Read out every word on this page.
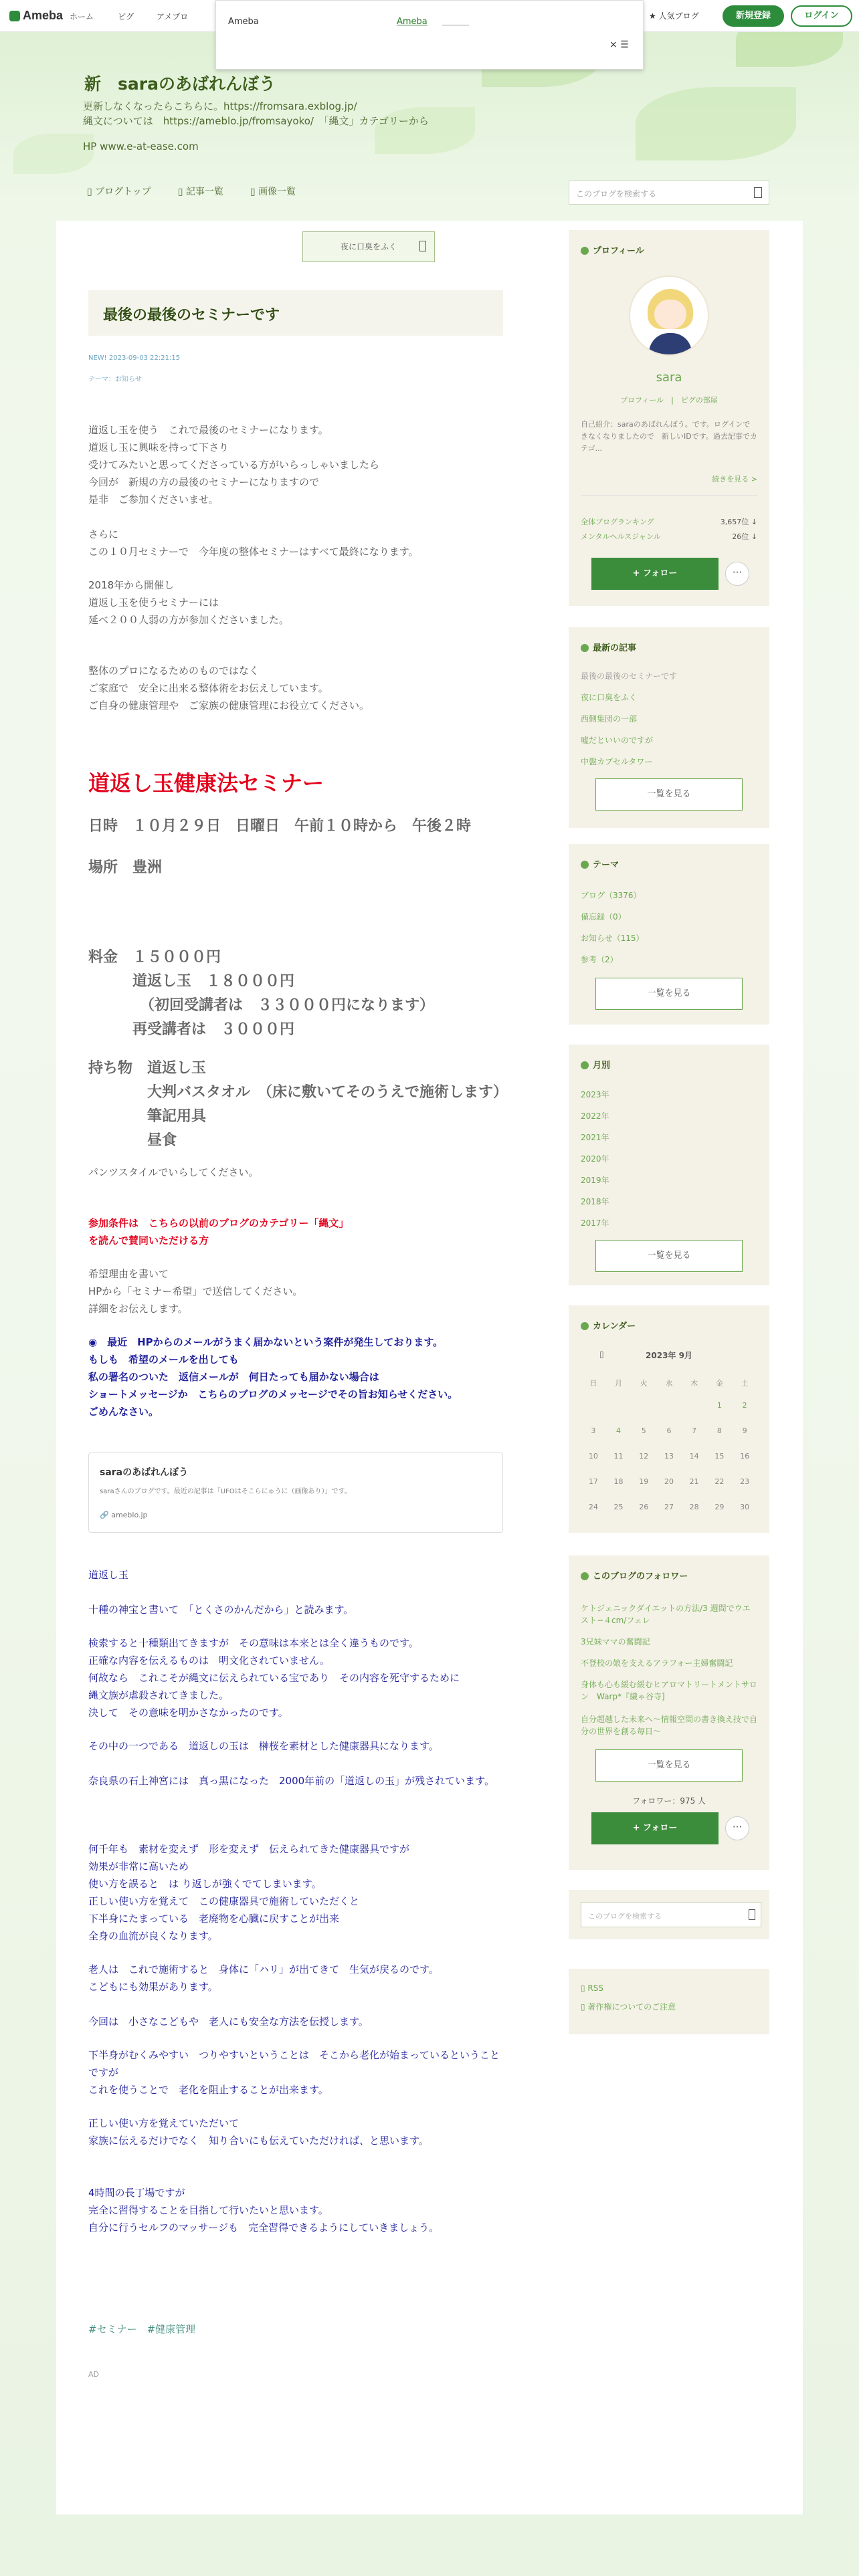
Ameba ホーム	ピグ	アメブロ	★ 人気ブログ	新規登録	ログイン
Ameba	Ameba
× ☰
新　saraのあばれんぼう
更新しなくなったらこちらに。https://fromsara.exblog.jp/
縄文については　https://ameblo.jp/fromsayoko/　「縄文」カテゴリーから
HP www.e-at-ease.com
▯ ブログトップ	▯ 記事一覧	▯ 画像一覧	このブログを検索する
夜に口臭をふく
最後の最後のセミナーです
NEW! 2023-09-03 22:21:15
テーマ：お知らせ
道返し玉を使う　これで最後のセミナーになります。
道返し玉に興味を持って下さり
受けてみたいと思ってくださっている方がいらっしゃいましたら
今回が　新規の方の最後のセミナーになりますので
是非　ご参加くださいませ。
さらに
この１０月セミナーで　今年度の整体セミナーはすべて最終になります。
2018年から開催し
道返し玉を使うセミナーには
延べ２００人弱の方が参加くださいました。
整体のプロになるためのものではなく
ご家庭で　安全に出来る整体術をお伝えしています。
ご自身の健康管理や　ご家族の健康管理にお役立てください。
道返し玉健康法セミナー
日時　１０月２９日　日曜日　午前１０時から　午後２時
場所　豊洲

料金　１５０００円
　　　道返し玉　１８０００円
　　　　（初回受講者は　３３０００円になります）
　　　再受講者は　３０００円

持ち物　道返し玉
　　　　大判バスタオル　（床に敷いてそのうえで施術します）
　　　　筆記用具
　　　　昼食

パンツスタイルでいらしてください。
参加条件は　こちらの以前のブログのカテゴリー「縄文」
を読んで賛同いただける方
希望理由を書いて
HPから「セミナー希望」で送信してください。
詳細をお伝えします。
◉　最近　HPからのメールがうまく届かないという案件が発生しております。
もしも　希望のメールを出しても
私の署名のついた　返信メールが　何日たっても届かない場合は
ショートメッセージか　こちらのブログのメッセージでその旨お知らせください。
ごめんなさい。
saraのあばれんぼう
saraさんのブログです。最近の記事は「UFOはそこらにゅうに（画像あり）」です。
🔗 ameblo.jp
道返し玉
十種の神宝と書いて　「とくさのかんだから」と読みます。
検索すると十種類出てきますが　その意味は本来とは全く違うものです。
正確な内容を伝えるものは　明文化されていません。
何故なら　これこそが縄文に伝えられている宝であり　その内容を死守するために
縄文族が虐殺されてきました。
決して　その意味を明かさなかったのです。
その中の一つである　道返しの玉は　榊桜を素材とした健康器具になります。
奈良県の石上神宮には　真っ黒になった　2000年前の「道返しの玉」が残されています。
何千年も　素材を変えず　形を変えず　伝えられてきた健康器具ですが
効果が非常に高いため
使い方を誤ると　は り返しが強くでてしまいます。
正しい使い方を覚えて　この健康器具で施術していただくと
下半身にたまっている　老廃物を心臓に戻すことが出来
全身の血流が良くなります。
老人は　これで施術すると　身体に「ハリ」が出てきて　生気が戻るのです。
こどもにも効果があります。
今回は　小さなこどもや　老人にも安全な方法を伝授します。
下半身がむくみやすい　つりやすいということは　そこから老化が始まっているということですが
これを使うことで　老化を阻止することが出来ます。
正しい使い方を覚えていただいて
家族に伝えるだけでなく　知り合いにも伝えていただければ、と思います。
4時間の長丁場ですが
完全に習得することを目指して行いたいと思います。
自分に行うセルフのマッサージも　完全習得できるようにしていきましょう。
#セミナー　#健康管理
AD
プロフィール
sara
プロフィール　|　ピグの部屋
自己紹介：saraのあばれんぼう。です。ログインできなくなりましたので　新しいIDです。過去記事でカテゴ...
続きを見る >
全体ブログランキング	3,657位 ↓
メンタルヘルスジャンル	26位 ↓
+ フォロー	···
最新の記事
最後の最後のセミナーです
夜に口臭をふく
西側集団の一部
嘘だといいのですが
中盤カプセルタワー
一覧を見る
テーマ
ブログ（3376）
備忘録（0）
お知らせ（115）
参考（2）
一覧を見る
月別
2023年
2022年
2021年
2020年
2019年
2018年
2017年
一覧を見る
カレンダー
▯	2023年 9月
日	月	火	水	木	金	土
					1	2
3	4	5	6	7	8	9
10	11	12	13	14	15	16
17	18	19	20	21	22	23
24	25	26	27	28	29	30
このブログのフォロワー
ケトジェニックダイエットの方法/3 週間でウエスト−４cm/フェレ
3兄妹ママの奮闘記
不登校の娘を支えるアラフォー主婦奮闘記
身体も心も緩む緩むヒアロマトリートメントサロン　Warp*『繊ゃ谷寺]
自分超越した未来へ〜情報空間の書き換え技で自分の世界を創る毎日〜
一覧を見る
フォロワー：975 人
+ フォロー	···
このブログを検索する
▯ RSS
▯ 著作権についてのご注意
